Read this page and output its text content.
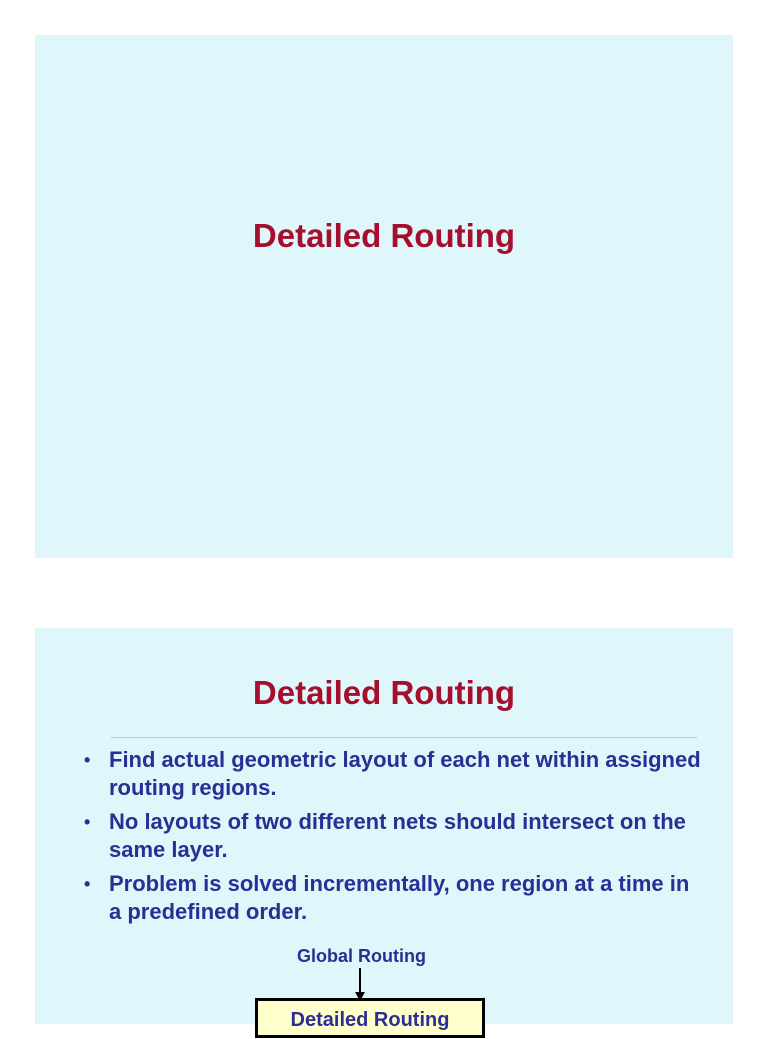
Detailed Routing
Detailed Routing
• Find actual geometric layout of each net within assigned routing regions.
• No layouts of two different nets should intersect on the same layer.
• Problem is solved incrementally, one region at a time in a predefined order.
Global Routing
Detailed Routing
